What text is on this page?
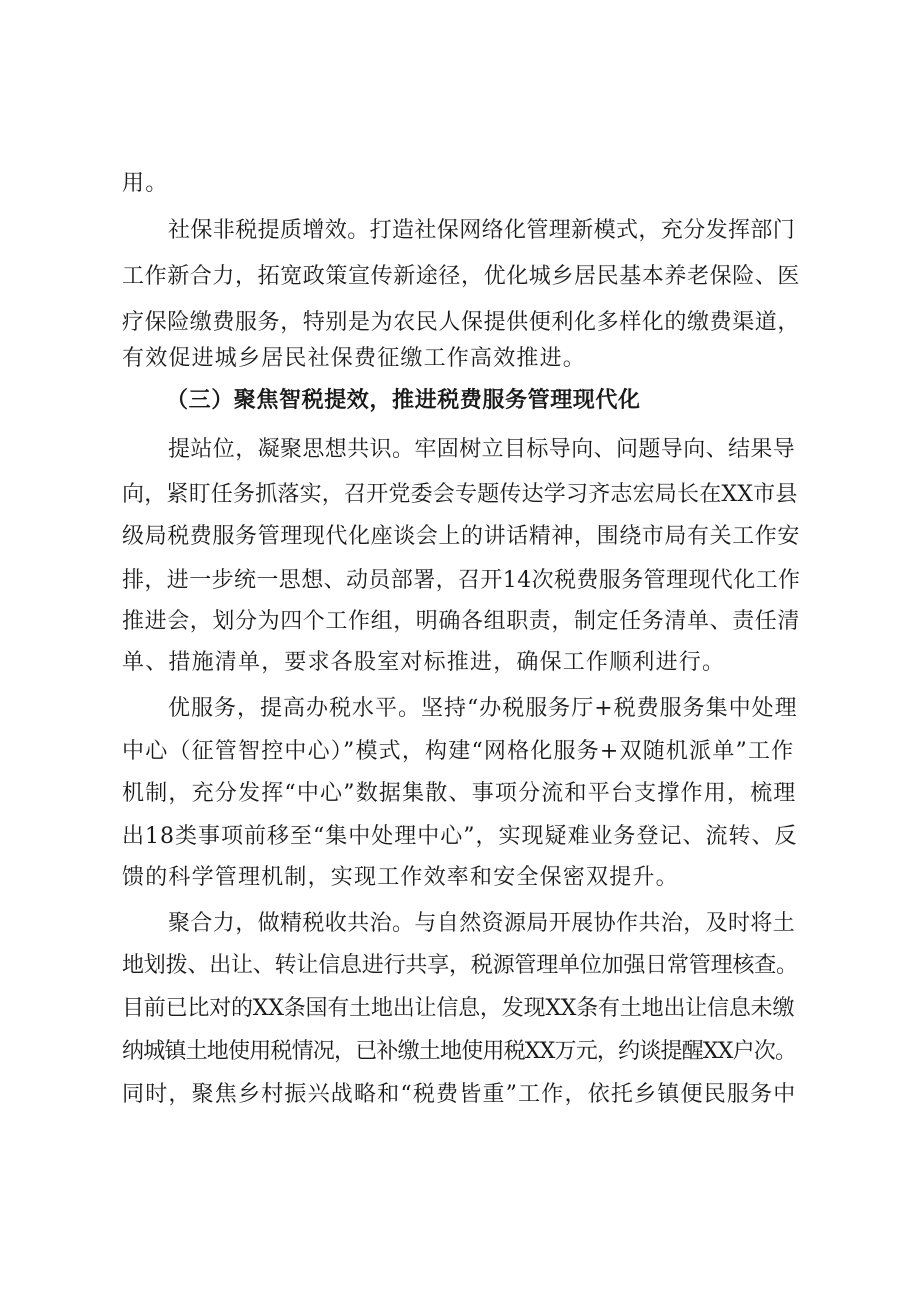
用。
社保非税提质增效。打造社保网络化管理新模式，充分发挥部门
工作新合力，拓宽政策宣传新途径，优化城乡居民基本养老保险、医
疗保险缴费服务，特别是为农民人保提供便利化多样化的缴费渠道，
有效促进城乡居民社保费征缴工作高效推进。
（三）聚焦智税提效，推进税费服务管理现代化
提站位，凝聚思想共识。牢固树立目标导向、问题导向、结果导
向，紧盯任务抓落实，召开党委会专题传达学习齐志宏局长在XX市县
级局税费服务管理现代化座谈会上的讲话精神，围绕市局有关工作安
排，进一步统一思想、动员部署，召开14次税费服务管理现代化工作
推进会，划分为四个工作组，明确各组职责，制定任务清单、责任清
单、措施清单，要求各股室对标推进，确保工作顺利进行。
优服务，提高办税水平。坚持“办税服务厅+税费服务集中处理
中心（征管智控中心）”模式，构建“网格化服务+双随机派单”工作
机制，充分发挥“中心”数据集散、事项分流和平台支撑作用，梳理
出18类事项前移至“集中处理中心”，实现疑难业务登记、流转、反
馈的科学管理机制，实现工作效率和安全保密双提升。
聚合力，做精税收共治。与自然资源局开展协作共治，及时将土
地划拨、出让、转让信息进行共享，税源管理单位加强日常管理核查。
目前已比对的XX条国有土地出让信息，发现XX条有土地出让信息未缴
纳城镇土地使用税情况，已补缴土地使用税XX万元，约谈提醒XX户次。
同时，聚焦乡村振兴战略和“税费皆重”工作，依托乡镇便民服务中
